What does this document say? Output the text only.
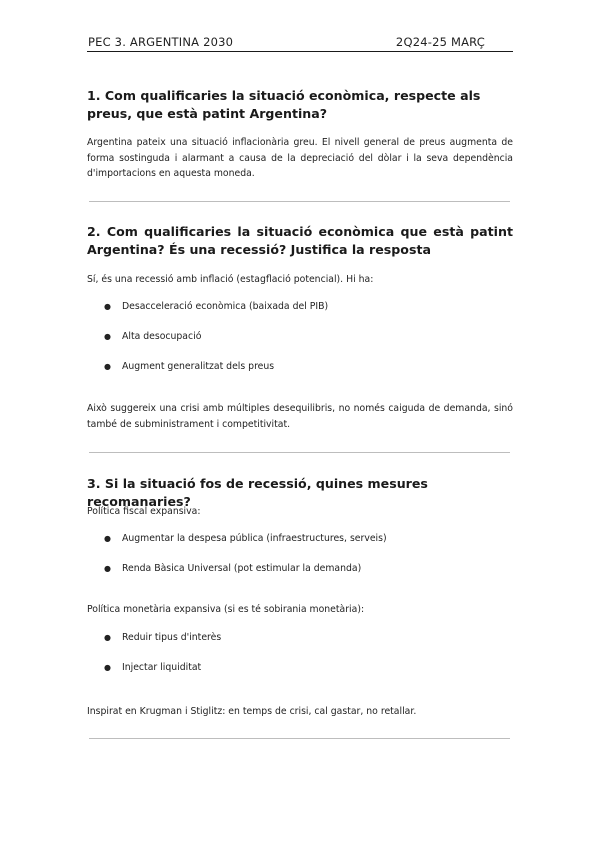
PEC 3. ARGENTINA 2030	2Q24-25 MARÇ
1. Com qualificaries la situació econòmica, respecte als preus, que està patint Argentina?

Argentina pateix una situació inflacionària greu. El nivell general de preus augmenta de forma sostinguda i alarmant a causa de la depreciació del dòlar i la seva dependència d'importacions en aquesta moneda.

2. Com qualificaries la situació econòmica que està patint Argentina? És una recessió? Justifica la resposta

Sí, és una recessió amb inflació (estagflació potencial). Hi ha:

●	Desacceleració econòmica (baixada del PIB)
●	Alta desocupació
●	Augment generalitzat dels preus

Això suggereix una crisi amb múltiples desequilibris, no només caiguda de demanda, sinó també de subministrament i competitivitat.

3. Si la situació fos de recessió, quines mesures recomanaries?

Política fiscal expansiva:

●	Augmentar la despesa pública (infraestructures, serveis)
●	Renda Bàsica Universal (pot estimular la demanda)

Política monetària expansiva (si es té sobirania monetària):

●	Reduir tipus d'interès
●	Injectar liquiditat

Inspirat en Krugman i Stiglitz: en temps de crisi, cal gastar, no retallar.
